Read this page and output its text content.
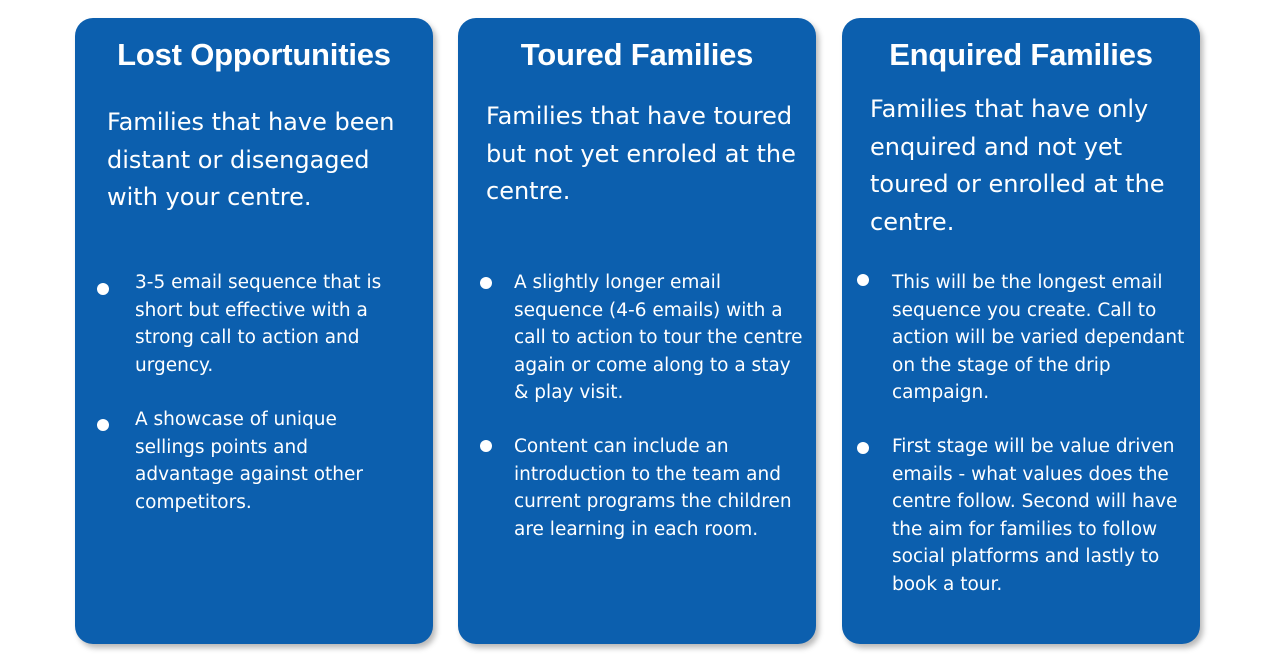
Lost Opportunities
Families that have been distant or disengaged with your centre.
3-5 email sequence that is short but effective with a strong call to action and urgency.
A showcase of unique sellings points and advantage against other competitors.
Toured Families
Families that have toured but not yet enroled at the centre.
A slightly longer email sequence (4-6 emails) with a call to action to tour the centre again or come along to a stay & play visit.
Content can include an introduction to the team and current programs the children are learning in each room.
Enquired Families
Families that have only enquired and not yet toured or enrolled at the centre.
This will be the longest email sequence you create. Call to action will be varied dependant on the stage of the drip campaign.
First stage will be value driven emails - what values does the centre follow. Second will have the aim for families to follow social platforms and lastly to book a tour.
